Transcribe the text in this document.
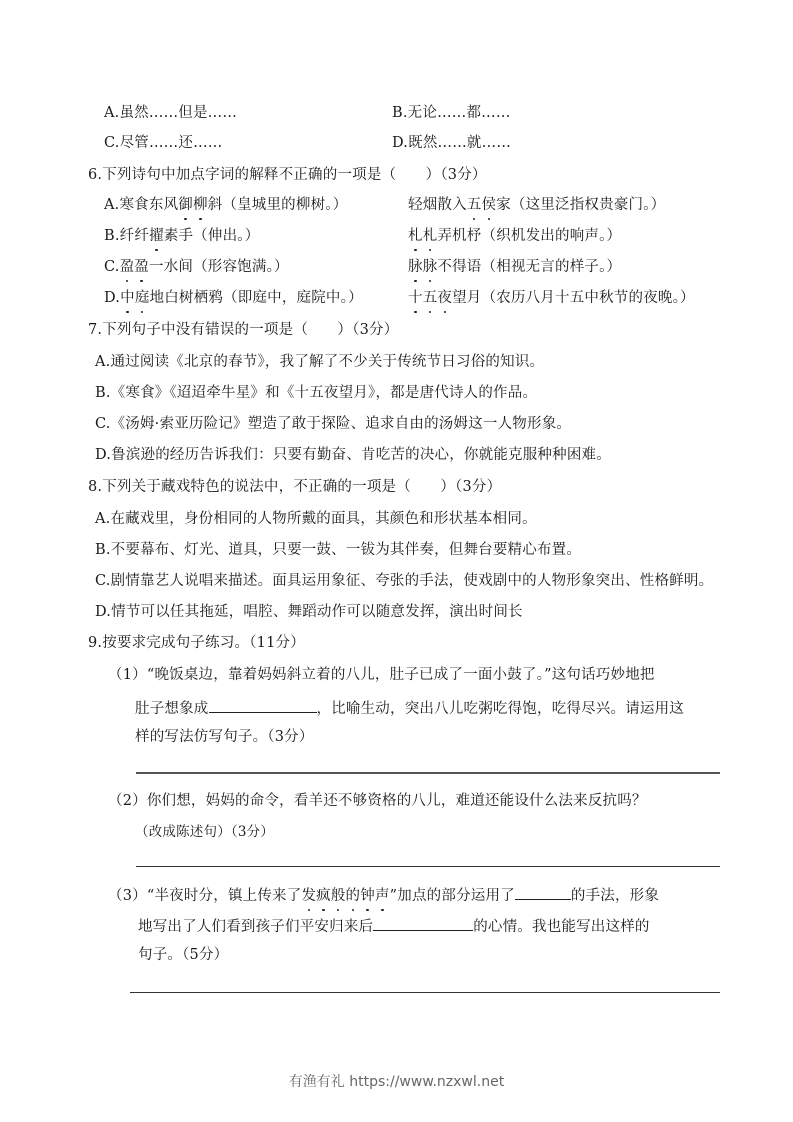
A.虽然……但是……	B.无论……都……
C.尽管……还……	D.既然……就……
6.下列诗句中加点字词的解释不正确的一项是（　　）（3分）
A.寒食东风御柳斜（皇城里的柳树。）	轻烟散入五侯家（这里泛指权贵豪门。）
B.纤纤擢素手（伸出。）	札札弄机杼（织机发出的响声。）
C.盈盈一水间（形容饱满。）	脉脉不得语（相视无言的样子。）
D.中庭地白树栖鸦（即庭中，庭院中。）	十五夜望月（农历八月十五中秋节的夜晚。）
7.下列句子中没有错误的一项是（　　）（3分）
A.通过阅读《北京的春节》，我了解了不少关于传统节日习俗的知识。
B.《寒食》《迢迢牵牛星》和《十五夜望月》，都是唐代诗人的作品。
C.《汤姆·索亚历险记》塑造了敢于探险、追求自由的汤姆这一人物形象。
D.鲁滨逊的经历告诉我们：只要有勤奋、肯吃苦的决心，你就能克服种种困难。
8.下列关于藏戏特色的说法中，不正确的一项是（　　）（3分）
A.在藏戏里，身份相同的人物所戴的面具，其颜色和形状基本相同。
B.不要幕布、灯光、道具，只要一鼓、一钹为其伴奏，但舞台要精心布置。
C.剧情靠艺人说唱来描述。面具运用象征、夸张的手法，使戏剧中的人物形象突出、性格鲜明。
D.情节可以任其拖延，唱腔、舞蹈动作可以随意发挥，演出时间长
9.按要求完成句子练习。（11分）
（1）“晚饭桌边，靠着妈妈斜立着的八儿，肚子已成了一面小鼓了。”这句话巧妙地把
肚子想象成	，比喻生动，突出八儿吃粥吃得饱，吃得尽兴。请运用这
样的写法仿写句子。（3分）
（2）你们想，妈妈的命令，看羊还不够资格的八儿，难道还能设什么法来反抗吗？
（改成陈述句）（3分）
（3）“半夜时分，镇上传来了发疯般的钟声”加点的部分运用了	的手法，形象
地写出了人们看到孩子们平安归来后	的心情。我也能写出这样的
句子。（5分）
有渔有礼 https://www.nzxwl.net
